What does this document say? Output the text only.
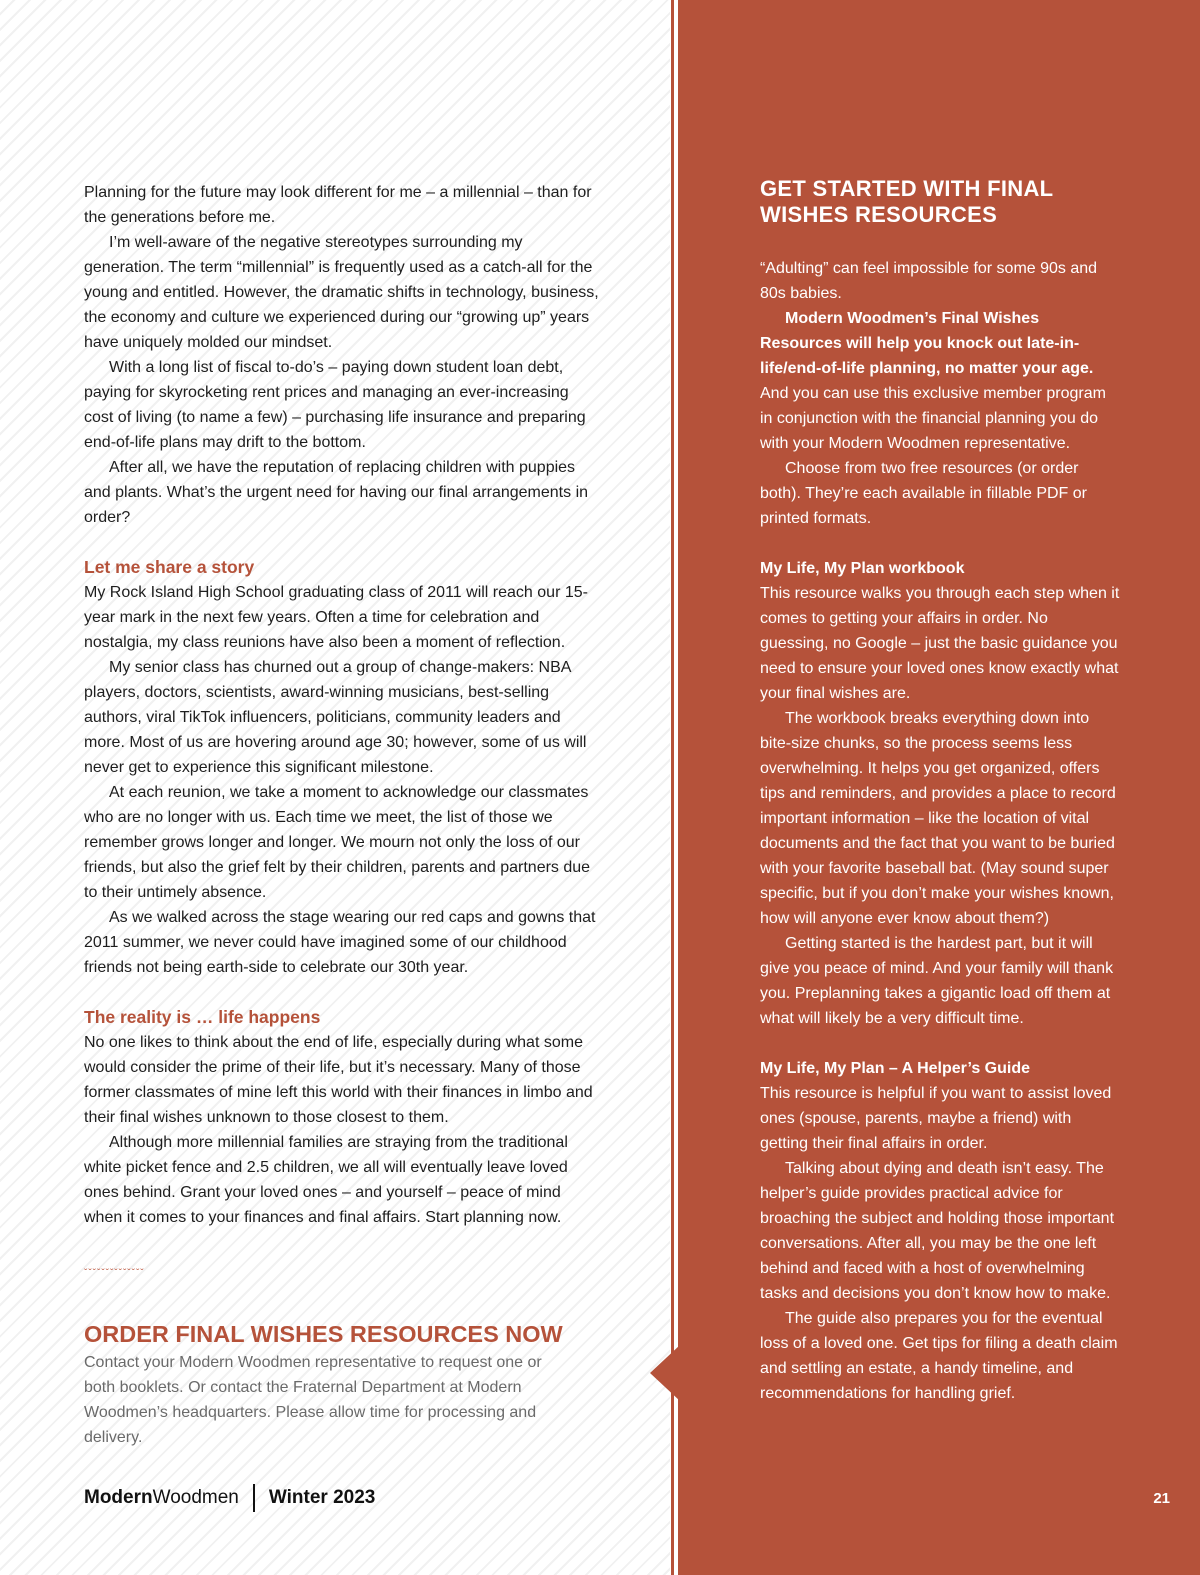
Planning for the future may look different for me – a millennial – than for the generations before me.

I’m well-aware of the negative stereotypes surrounding my generation. The term “millennial” is frequently used as a catch-all for the young and entitled. However, the dramatic shifts in technology, business, the economy and culture we experienced during our “growing up” years have uniquely molded our mindset.

With a long list of fiscal to-do’s – paying down student loan debt, paying for skyrocketing rent prices and managing an ever-increasing cost of living (to name a few) – purchasing life insurance and preparing end-of-life plans may drift to the bottom.

After all, we have the reputation of replacing children with puppies and plants. What’s the urgent need for having our final arrangements in order?

Let me share a story

My Rock Island High School graduating class of 2011 will reach our 15-year mark in the next few years. Often a time for celebration and nostalgia, my class reunions have also been a moment of reflection.

My senior class has churned out a group of change-makers: NBA players, doctors, scientists, award-winning musicians, best-selling authors, viral TikTok influencers, politicians, community leaders and more. Most of us are hovering around age 30; however, some of us will never get to experience this significant milestone.

At each reunion, we take a moment to acknowledge our classmates who are no longer with us. Each time we meet, the list of those we remember grows longer and longer. We mourn not only the loss of our friends, but also the grief felt by their children, parents and partners due to their untimely absence.

As we walked across the stage wearing our red caps and gowns that 2011 summer, we never could have imagined some of our childhood friends not being earth-side to celebrate our 30th year.

The reality is … life happens

No one likes to think about the end of life, especially during what some would consider the prime of their life, but it’s necessary. Many of those former classmates of mine left this world with their finances in limbo and their final wishes unknown to those closest to them.

Although more millennial families are straying from the traditional white picket fence and 2.5 children, we all will eventually leave loved ones behind. Grant your loved ones – and yourself – peace of mind when it comes to your finances and final affairs. Start planning now.

ˇˇˇˇˇˇˇˇˇˇˇˇˇˇ
ORDER FINAL WISHES RESOURCES NOW
Contact your Modern Woodmen representative to request one or both booklets. Or contact the Fraternal Department at Modern Woodmen’s headquarters. Please allow time for processing and delivery.
Modern Woodmen Winter 2023	21
GET STARTED WITH FINAL WISHES RESOURCES

“Adulting” can feel impossible for some 90s and 80s babies.

Modern Woodmen’s Final Wishes Resources will help you knock out late-in-life/end-of-life planning, no matter your age. And you can use this exclusive member program in conjunction with the financial planning you do with your Modern Woodmen representative.

Choose from two free resources (or order both). They’re each available in fillable PDF or printed formats.

My Life, My Plan workbook

This resource walks you through each step when it comes to getting your affairs in order. No guessing, no Google – just the basic guidance you need to ensure your loved ones know exactly what your final wishes are.

The workbook breaks everything down into bite-size chunks, so the process seems less overwhelming. It helps you get organized, offers tips and reminders, and provides a place to record important information – like the location of vital documents and the fact that you want to be buried with your favorite baseball bat. (May sound super specific, but if you don’t make your wishes known, how will anyone ever know about them?)

Getting started is the hardest part, but it will give you peace of mind. And your family will thank you. Preplanning takes a gigantic load off them at what will likely be a very difficult time.

My Life, My Plan – A Helper’s Guide

This resource is helpful if you want to assist loved ones (spouse, parents, maybe a friend) with getting their final affairs in order.

Talking about dying and death isn’t easy. The helper’s guide provides practical advice for broaching the subject and holding those important conversations. After all, you may be the one left behind and faced with a host of overwhelming tasks and decisions you don’t know how to make.

The guide also prepares you for the eventual loss of a loved one. Get tips for filing a death claim and settling an estate, a handy timeline, and recommendations for handling grief.
